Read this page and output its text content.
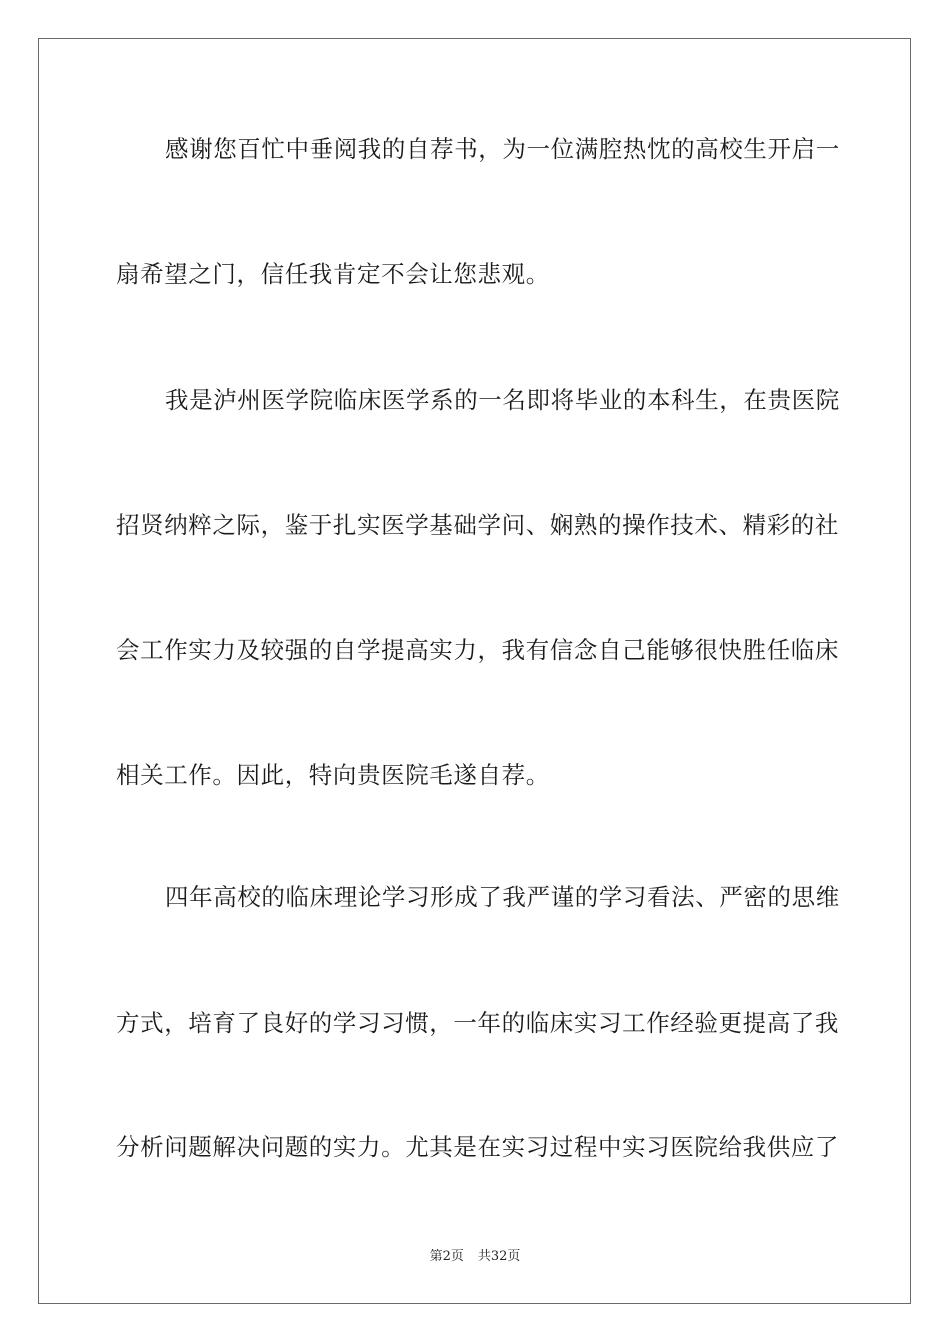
感谢您百忙中垂阅我的自荐书，为一位满腔热忱的高校生开启一
扇希望之门，信任我肯定不会让您悲观。
我是泸州医学院临床医学系的一名即将毕业的本科生，在贵医院
招贤纳粹之际，鉴于扎实医学基础学问、娴熟的操作技术、精彩的社
会工作实力及较强的自学提高实力，我有信念自己能够很快胜任临床
相关工作。因此，特向贵医院毛遂自荐。
四年高校的临床理论学习形成了我严谨的学习看法、严密的思维
方式，培育了良好的学习习惯，一年的临床实习工作经验更提高了我
分析问题解决问题的实力。尤其是在实习过程中实习医院给我供应了
第2页 共32页
